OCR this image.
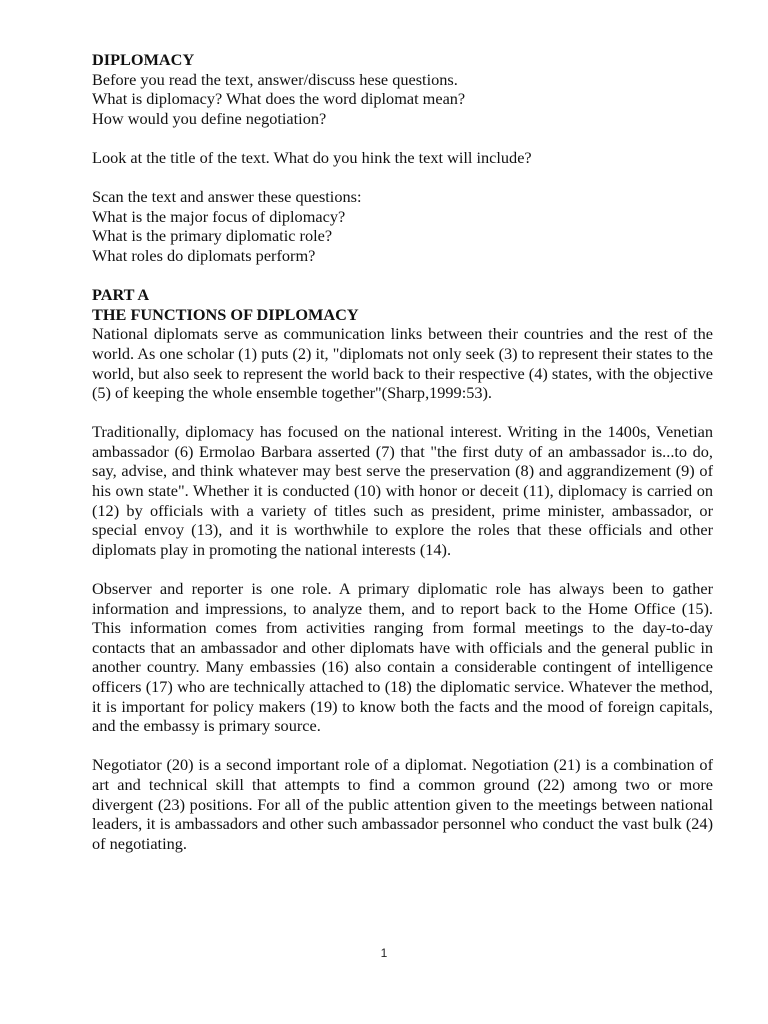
DIPLOMACY
Before you read the text, answer/discuss hese questions.
What is diplomacy? What does the word diplomat mean?
How would you define negotiation?
Look at the title of the text. What do you hink the text will include?
Scan the text and answer these questions:
What is the major focus of diplomacy?
What is the primary diplomatic role?
What roles do diplomats perform?
PART A
THE FUNCTIONS OF DIPLOMACY

National diplomats serve as communication links between their countries and the rest of the world. As one scholar (1) puts (2) it, "diplomats not only seek (3) to represent their states to the world, but also seek to represent the world back to their respective (4) states, with the objective (5) of keeping the whole ensemble together"(Sharp,1999:53).

Traditionally, diplomacy has focused on the national interest. Writing in the 1400s, Venetian ambassador (6) Ermolao Barbara asserted (7) that "the first duty of an ambassador is...to do, say, advise, and think whatever may best serve the preservation (8) and aggrandizement (9) of his own state". Whether it is conducted (10) with honor or deceit (11), diplomacy is carried on (12) by officials with a variety of titles such as president, prime minister, ambassador, or special envoy (13), and it is worthwhile to explore the roles that these officials and other diplomats play in promoting the national interests (14).

Observer and reporter is one role. A primary diplomatic role has always been to gather information and impressions, to analyze them, and to report back to the Home Office (15). This information comes from activities ranging from formal meetings to the day-to-day contacts that an ambassador and other diplomats have with officials and the general public in another country. Many embassies (16) also contain a considerable contingent of intelligence officers (17) who are technically attached to (18) the diplomatic service. Whatever the method, it is important for policy makers (19) to know both the facts and the mood of foreign capitals, and the embassy is primary source.

Negotiator (20) is a second important role of a diplomat. Negotiation (21) is a combination of art and technical skill that attempts to find a common ground (22) among two or more divergent (23) positions. For all of the public attention given to the meetings between national leaders, it is ambassadors and other such ambassador personnel who conduct the vast bulk (24) of negotiating.

1
